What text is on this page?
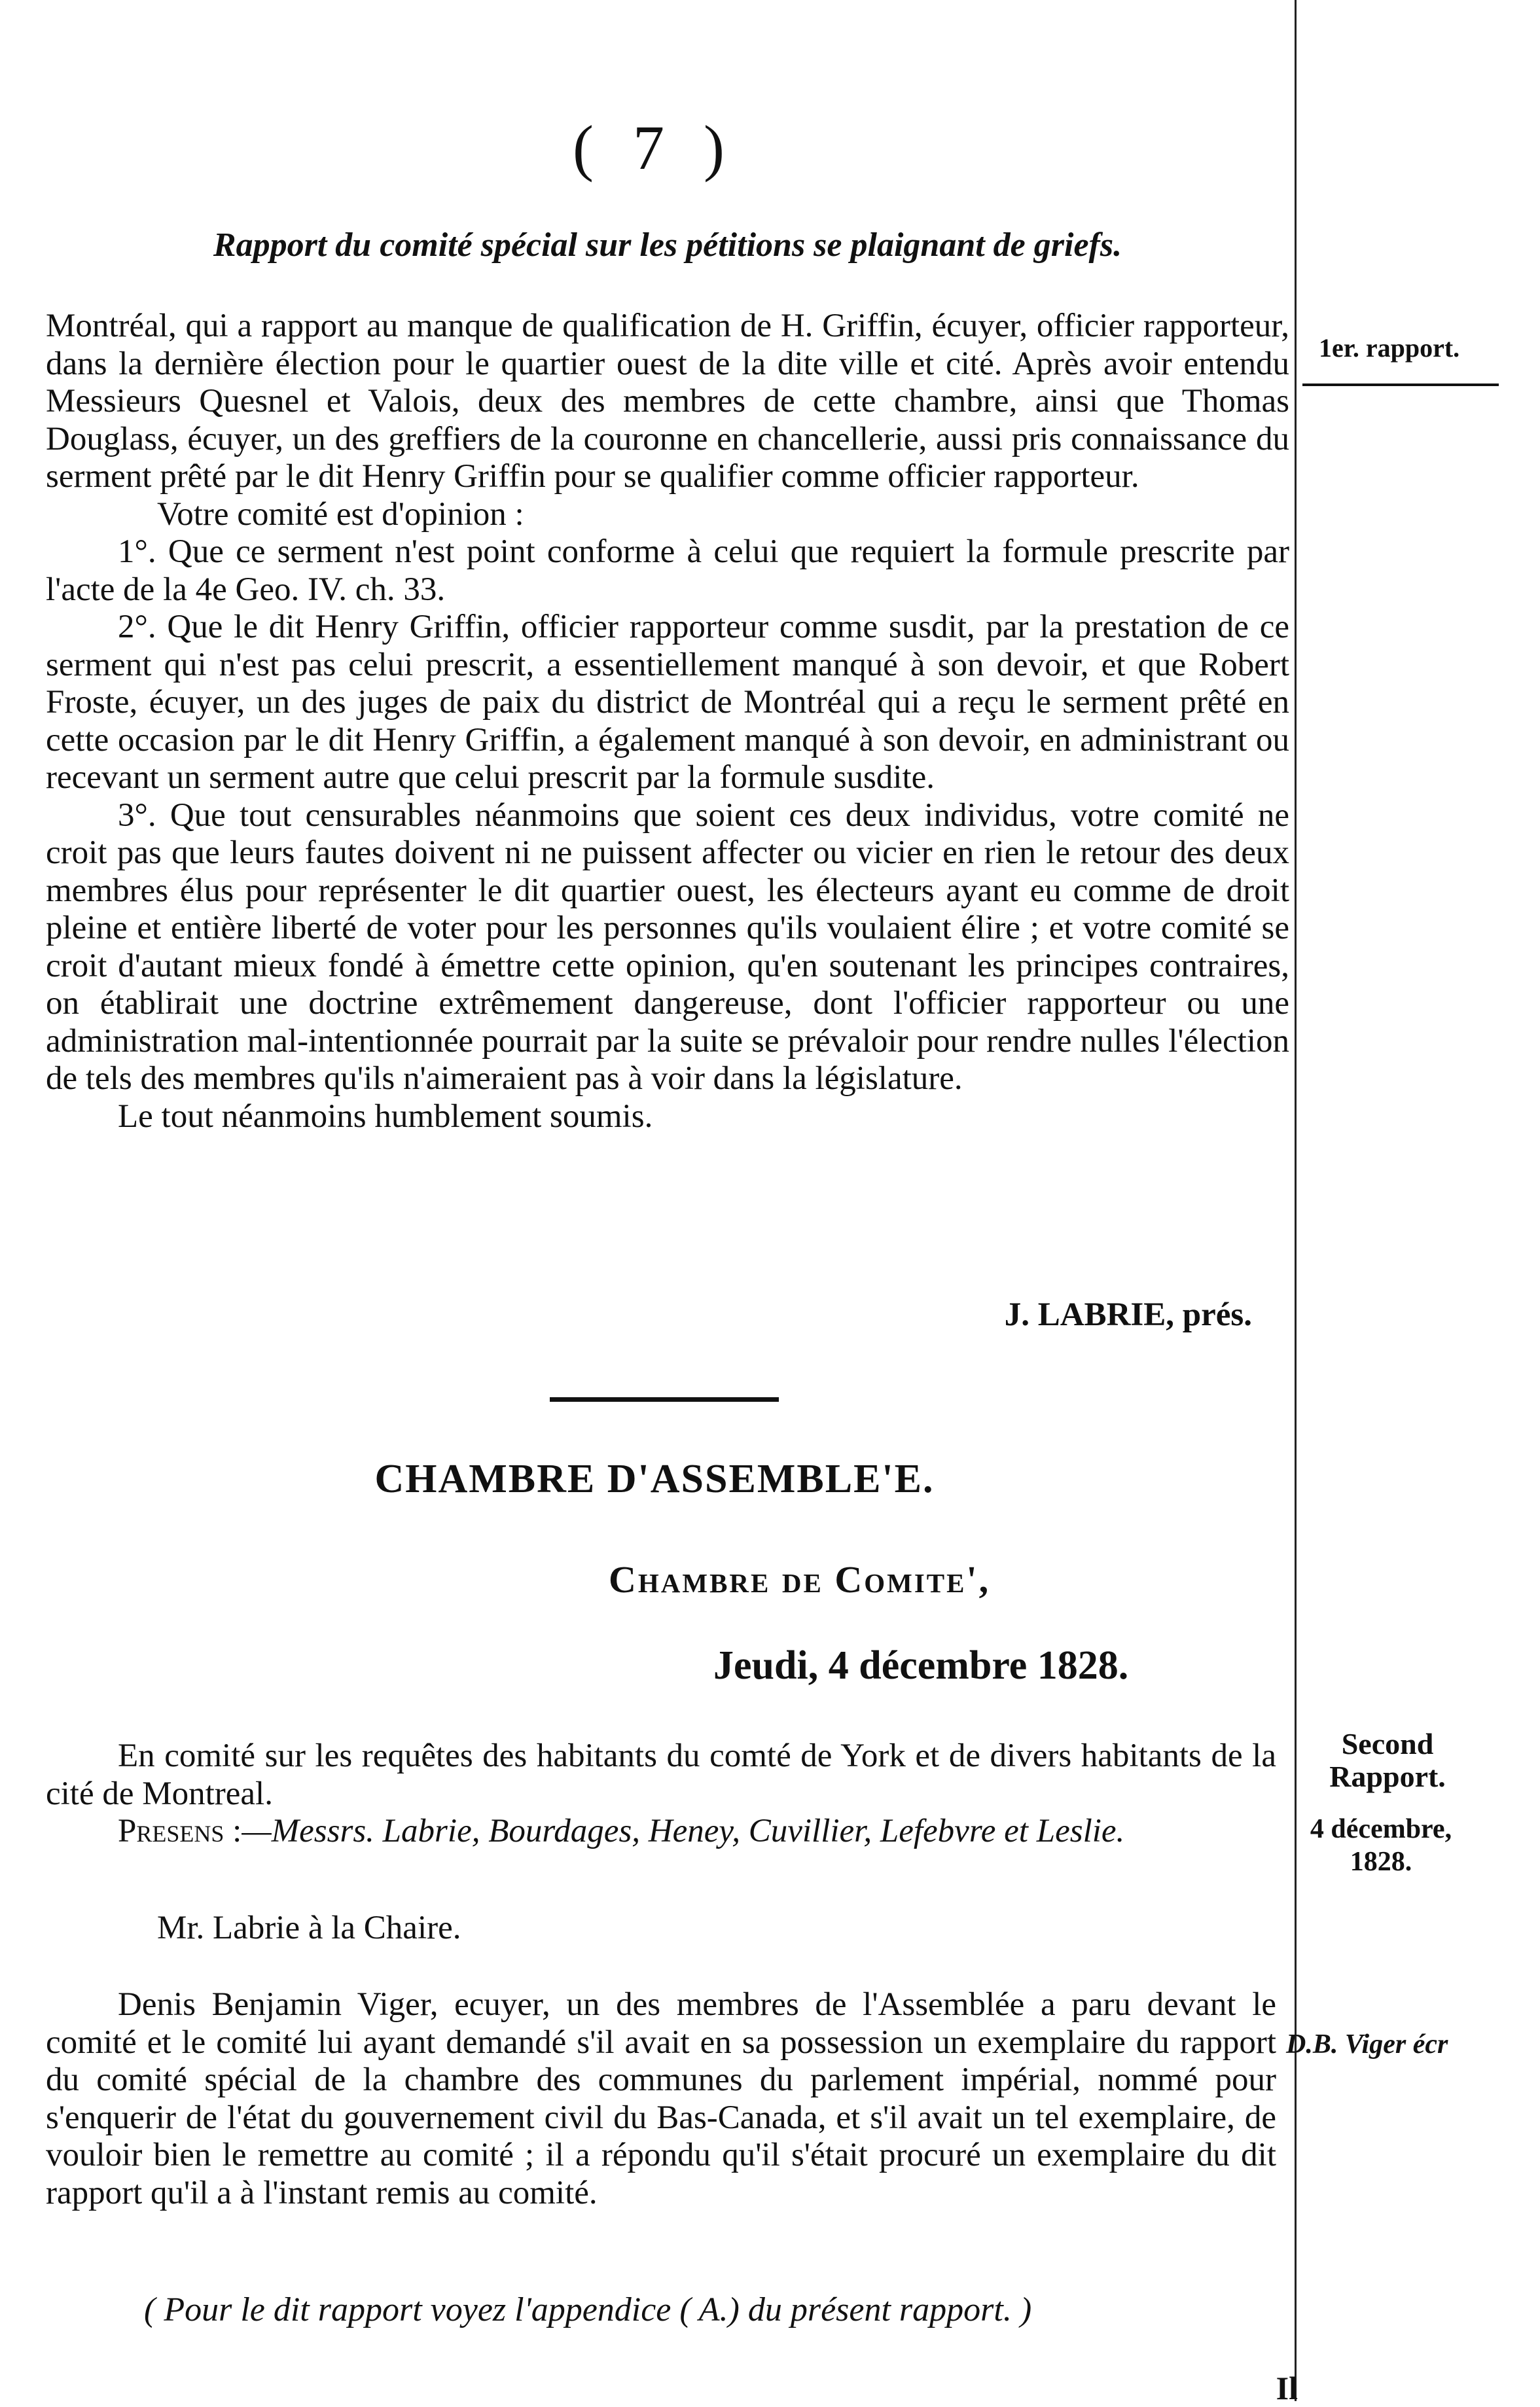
( 7 )
Rapport du comité spécial sur les pétitions se plaignant de griefs.
1er. rapport.

Montréal, qui a rapport au manque de qualification de H. Griffin, écuyer, officier rapporteur, dans la dernière élection pour le quartier ouest de la dite ville et cité. Après avoir entendu Messieurs Quesnel et Valois, deux des membres de cette chambre, ainsi que Thomas Douglass, écuyer, un des greffiers de la couronne en chancellerie, aussi pris connaissance du serment prêté par le dit Henry Griffin pour se qualifier comme officier rapporteur.

Votre comité est d'opinion :

1°. Que ce serment n'est point conforme à celui que requiert la formule prescrite par l'acte de la 4e Geo. IV. ch. 33.

2°. Que le dit Henry Griffin, officier rapporteur comme susdit, par la prestation de ce serment qui n'est pas celui prescrit, a essentiellement manqué à son devoir, et que Robert Froste, écuyer, un des juges de paix du district de Montréal qui a reçu le serment prêté en cette occasion par le dit Henry Griffin, a également manqué à son devoir, en administrant ou recevant un serment autre que celui prescrit par la formule susdite.

3°. Que tout censurables néanmoins que soient ces deux individus, votre comité ne croit pas que leurs fautes doivent ni ne puissent affecter ou vicier en rien le retour des deux membres élus pour représenter le dit quartier ouest, les électeurs ayant eu comme de droit pleine et entière liberté de voter pour les personnes qu'ils voulaient élire ; et votre comité se croit d'autant mieux fondé à émettre cette opinion, qu'en soutenant les principes contraires, on établirait une doctrine extrêmement dangereuse, dont l'officier rapporteur ou une administration mal-intentionnée pourrait par la suite se prévaloir pour rendre nulles l'élection de tels des membres qu'ils n'aimeraient pas à voir dans la législature.

Le tout néanmoins humblement soumis.

J. LABRIE, prés.
CHAMBRE D'ASSEMBLE'E.
Chambre de Comite',
Jeudi, 4 décembre 1828.
Second Rapport.
4 décembre, 1828.
D.B. Viger écr

En comité sur les requêtes des habitants du comté de York et de divers habitants de la cité de Montreal.

Presens :—Messrs. Labrie, Bourdages, Heney, Cuvillier, Lefebvre et Leslie.

Mr. Labrie à la Chaire.

Denis Benjamin Viger, ecuyer, un des membres de l'Assemblée a paru devant le comité et le comité lui ayant demandé s'il avait en sa possession un exemplaire du rapport du comité spécial de la chambre des communes du parlement impérial, nommé pour s'enquerir de l'état du gouvernement civil du Bas-Canada, et s'il avait un tel exemplaire, de vouloir bien le remettre au comité ; il a répondu qu'il s'était procuré un exemplaire du dit rapport qu'il a à l'instant remis au comité.

( Pour le dit rapport voyez l'appendice ( A.) du présent rapport. )
Il
